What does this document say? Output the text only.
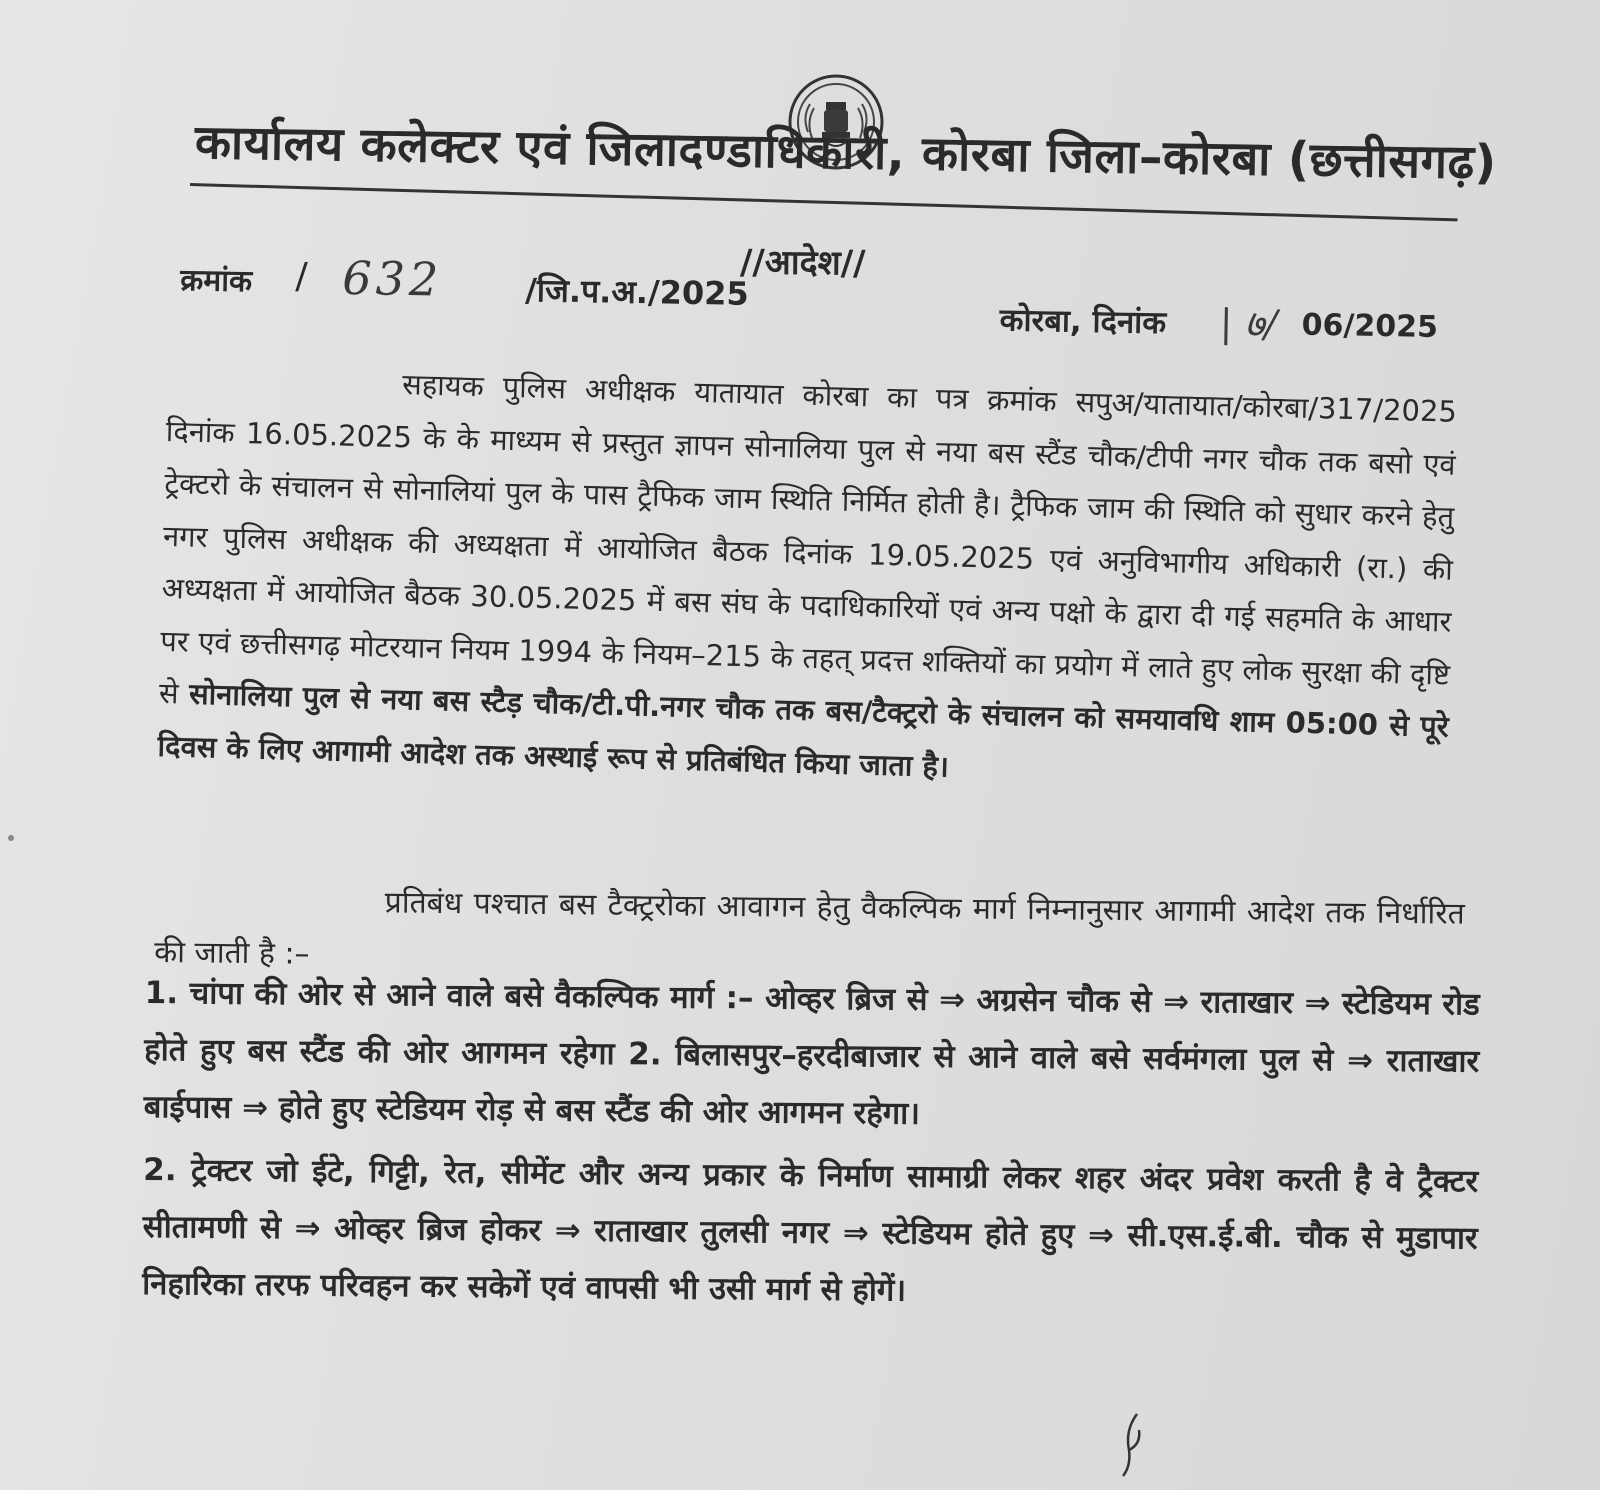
कार्यालय कलेक्टर एवं जिलादण्डाधिकारी, कोरबा जिला–कोरबा (छत्तीसगढ़)
//आदेश//
क्रमांक / 632	/जि.प.अ./2025
कोरबा, दिनांक | ७/ 06/2025
सहायक पुलिस अधीक्षक यातायात कोरबा का पत्र क्रमांक सपुअ/यातायात/कोरबा/317/2025 दिनांक 16.05.2025 के के माध्यम से प्रस्तुत ज्ञापन सोनालिया पुल से नया बस स्टैंड चौक/टीपी नगर चौक तक बसो एवं ट्रेक्टरो के संचालन से सोनालियां पुल के पास ट्रैफिक जाम स्थिति निर्मित होती है। ट्रैफिक जाम की स्थिति को सुधार करने हेतु नगर पुलिस अधीक्षक की अध्यक्षता में आयोजित बैठक दिनांक 19.05.2025 एवं अनुविभागीय अधिकारी (रा.) की अध्यक्षता में आयोजित बैठक 30.05.2025 में बस संघ के पदाधिकारियों एवं अन्य पक्षो के द्वारा दी गई सहमति के आधार पर एवं छत्तीसगढ़ मोटरयान नियम 1994 के नियम–215 के तहत् प्रदत्त शक्तियों का प्रयोग में लाते हुए लोक सुरक्षा की दृष्टि से सोनालिया पुल से नया बस स्टैड़ चौक/टी.पी.नगर चौक तक बस/टैक्ट्ररो के संचालन को समयावधि शाम 05:00 से पूरे दिवस के लिए आगामी आदेश तक अस्थाई रूप से प्रतिबंधित किया जाता है।
प्रतिबंध पश्चात बस टैक्ट्ररोका आवागन हेतु वैकल्पिक मार्ग निम्नानुसार आगामी आदेश तक निर्धारित की जाती है :–
1. चांपा की ओर से आने वाले बसे वैकल्पिक मार्ग :– ओव्हर ब्रिज से ⇒ अग्रसेन चौक से ⇒ राताखार ⇒ स्टेडियम रोड होते हुए बस स्टैंड की ओर आगमन रहेगा 2. बिलासपुर–हरदीबाजार से आने वाले बसे सर्वमंगला पुल से ⇒ राताखार बाईपास ⇒ होते हुए स्टेडियम रोड़ से बस स्टैंड की ओर आगमन रहेगा।
2. ट्रेक्टर जो ईटे, गिट्टी, रेत, सीमेंट और अन्य प्रकार के निर्माण सामाग्री लेकर शहर अंदर प्रवेश करती है वे ट्रैक्टर सीतामणी से ⇒ ओव्हर ब्रिज होकर ⇒ राताखार तुलसी नगर ⇒ स्टेडियम होते हुए ⇒ सी.एस.ई.बी. चौक से मुडापार निहारिका तरफ परिवहन कर सकेगें एवं वापसी भी उसी मार्ग से होगें।
